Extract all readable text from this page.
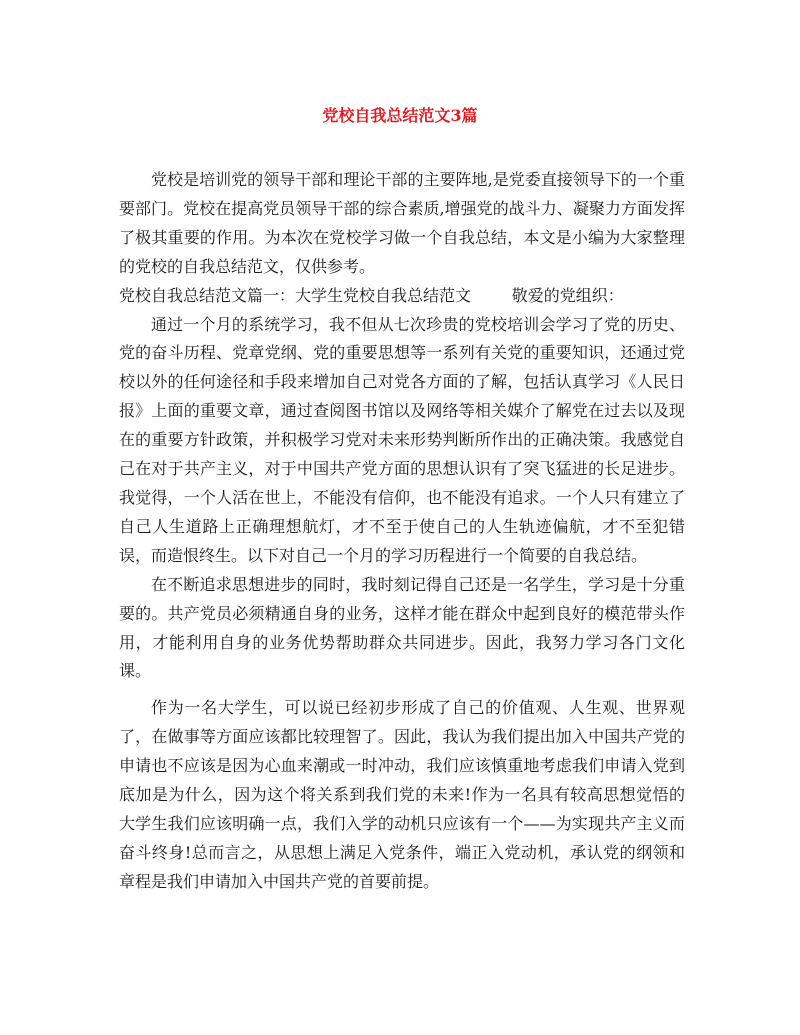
党校自我总结范文3篇

党校是培训党的领导干部和理论干部的主要阵地,是党委直接领导下的一个重要部门。党校在提高党员领导干部的综合素质,增强党的战斗力、凝聚力方面发挥了极其重要的作用。为本次在党校学习做一个自我总结，本文是小编为大家整理的党校的自我总结范文，仅供参考。

党校自我总结范文篇一：大学生党校自我总结范文	敬爱的党组织：

通过一个月的系统学习，我不但从七次珍贵的党校培训会学习了党的历史、党的奋斗历程、党章党纲、党的重要思想等一系列有关党的重要知识，还通过党校以外的任何途径和手段来增加自己对党各方面的了解，包括认真学习《人民日报》上面的重要文章，通过查阅图书馆以及网络等相关媒介了解党在过去以及现在的重要方针政策，并积极学习党对未来形势判断所作出的正确决策。我感觉自己在对于共产主义，对于中国共产党方面的思想认识有了突飞猛进的长足进步。我觉得，一个人活在世上，不能没有信仰，也不能没有追求。一个人只有建立了自己人生道路上正确理想航灯，才不至于使自己的人生轨迹偏航，才不至犯错误，而造恨终生。以下对自己一个月的学习历程进行一个简要的自我总结。

在不断追求思想进步的同时，我时刻记得自己还是一名学生，学习是十分重要的。共产党员必须精通自身的业务，这样才能在群众中起到良好的模范带头作用，才能利用自身的业务优势帮助群众共同进步。因此，我努力学习各门文化课。

作为一名大学生，可以说已经初步形成了自己的价值观、人生观、世界观了，在做事等方面应该都比较理智了。因此，我认为我们提出加入中国共产党的申请也不应该是因为心血来潮或一时冲动，我们应该慎重地考虑我们申请入党到底加是为什么，因为这个将关系到我们党的未来!作为一名具有较高思想觉悟的大学生我们应该明确一点，我们入学的动机只应该有一个——为实现共产主义而奋斗终身!总而言之，从思想上满足入党条件，端正入党动机，承认党的纲领和章程是我们申请加入中国共产党的首要前提。
